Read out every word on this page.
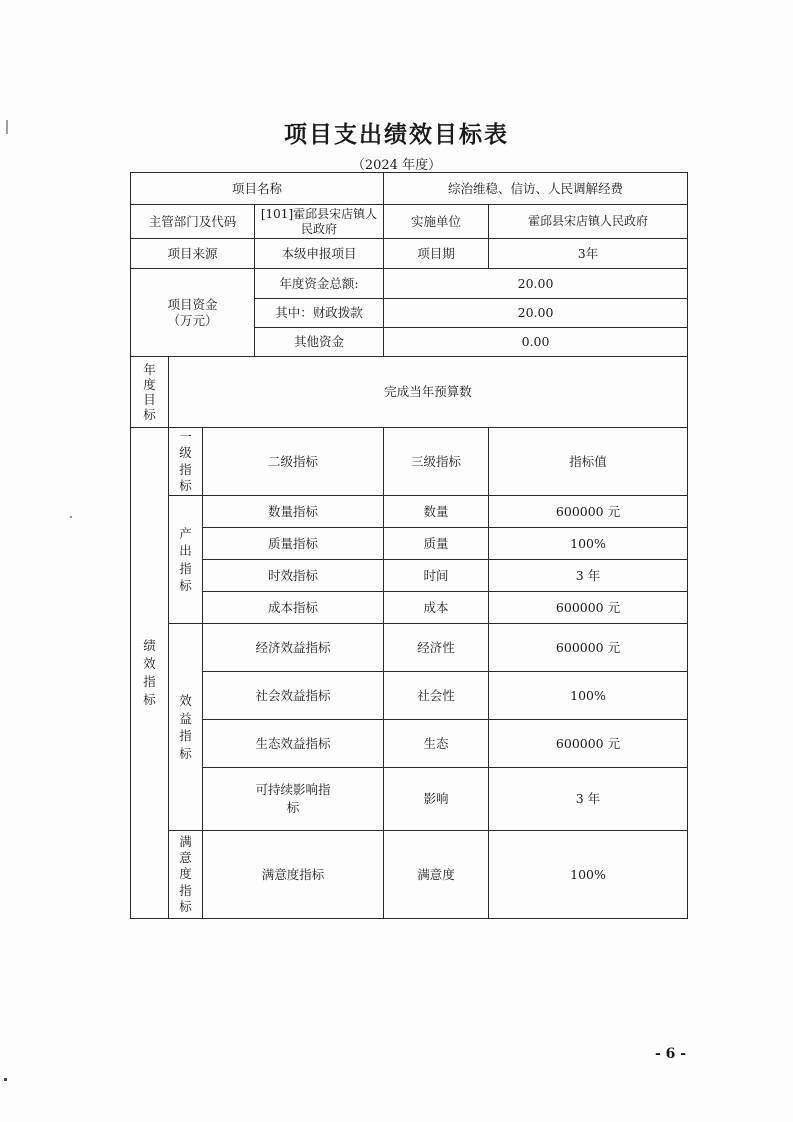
项目支出绩效目标表
（2024 年度）
项目名称				综治维稳、信访、人民调解经费	
主管部门及代码			[101]霍邱县宋店镇人民政府	实施单位	霍邱县宋店镇人民政府
项目来源			本级申报项目	项目期	3年

项目资金
（万元）			年度资金总额:	20.00	
			其中：财政拨款	20.00	
			其他资金	0.00	

年度目标	完成当年预算数				

绩效指标	一级指标	二级指标		三级指标	指标值

	产出指标	数量指标		数量	600000 元
		质量指标		质量	100%
		时效指标		时间	3 年
		成本指标		成本	600000 元

	效益指标	经济效益指标		经济性	600000 元
		社会效益指标		社会性	100%
		生态效益指标		生态	600000 元

		可持续影响指标		影响	3 年

	满意度指标	满意度指标		满意度	100%
- 6 -
